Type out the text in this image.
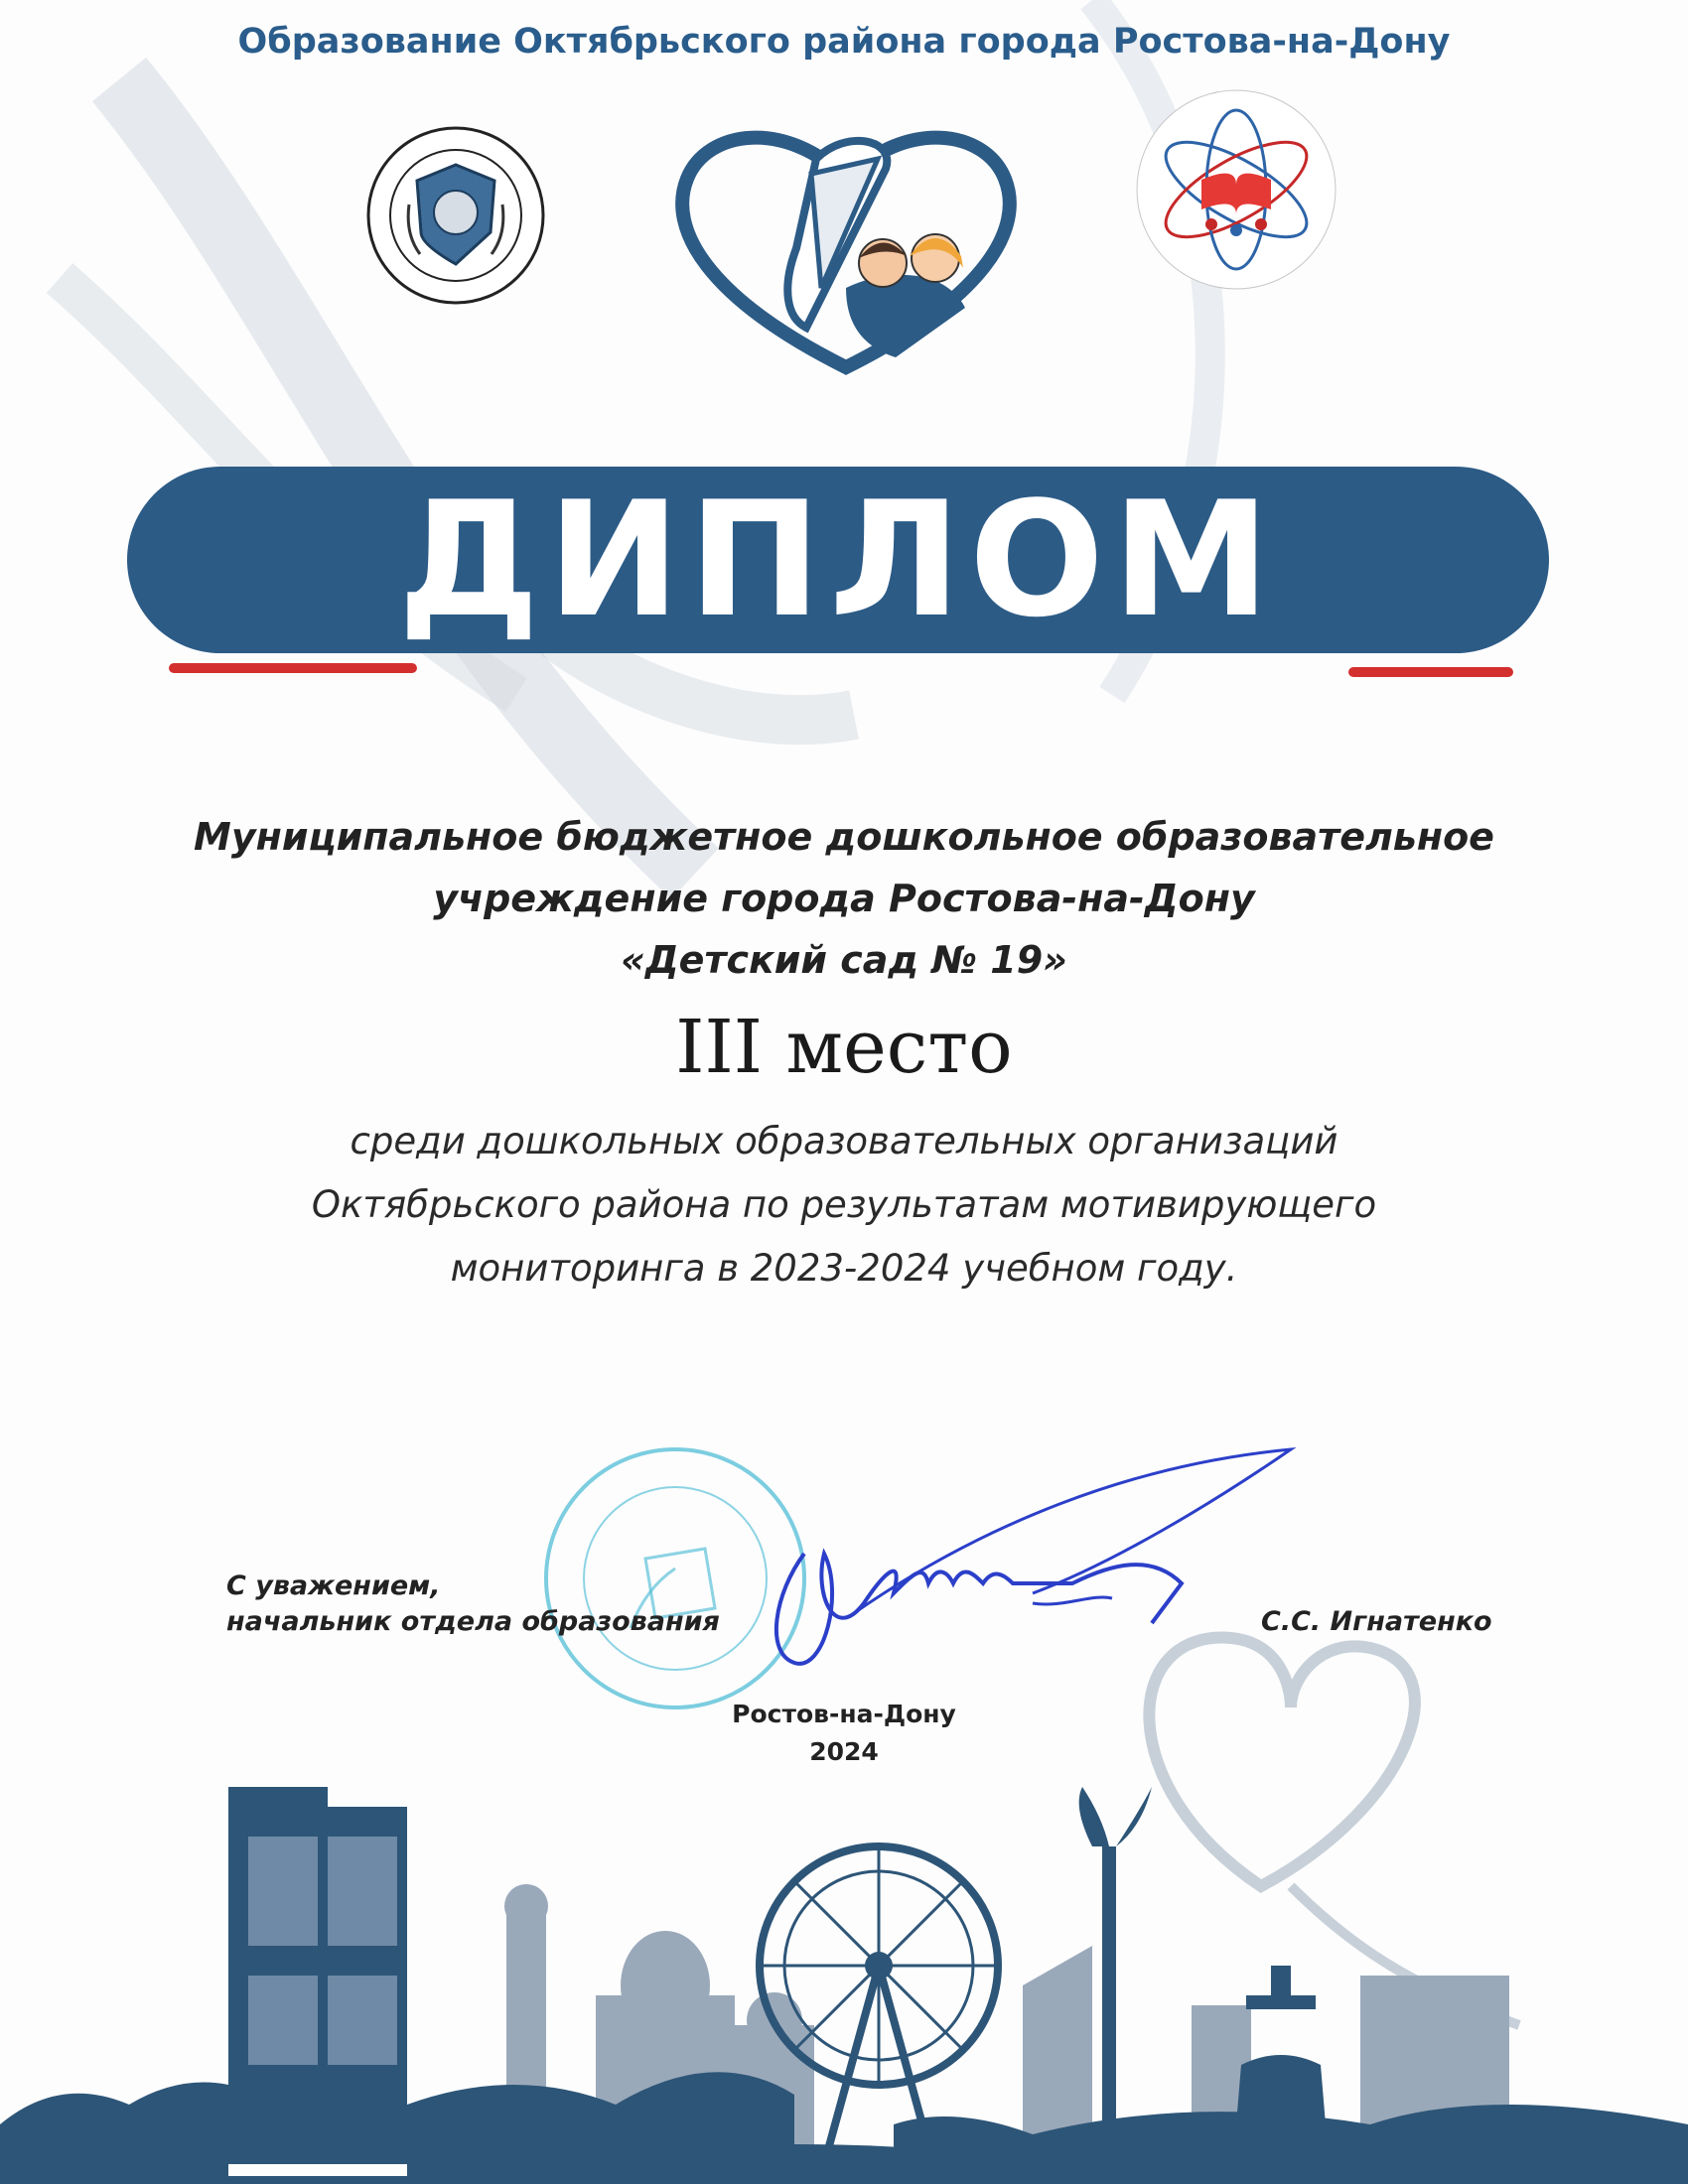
Образование Октябрьского района города Ростова-на-Дону
ДИПЛОМ
Муниципальное бюджетное дошкольное образовательное
учреждение города Ростова-на-Дону
«Детский сад № 19»
III место
среди дошкольных образовательных организаций
Октябрьского района по результатам мотивирующего
мониторинга в 2023-2024 учебном году.
С уважением,
начальник отдела образования	С.С. Игнатенко
Ростов-на-Дону
2024
